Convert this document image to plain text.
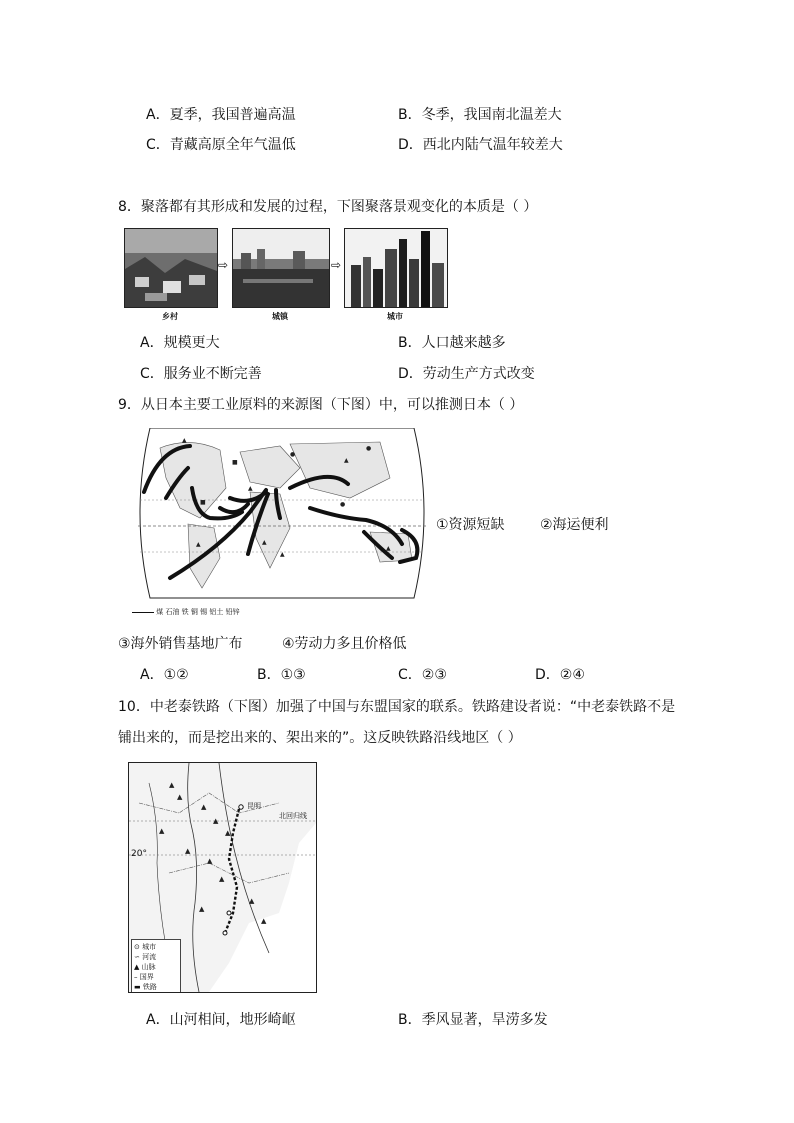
A．夏季，我国普遍高温	B．冬季，我国南北温差大
C．青藏高原全年气温低	D．西北内陆气温年较差大
8．聚落都有其形成和发展的过程，下图聚落景观变化的本质是（ ）
⇨	⇨
乡村	城镇	城市
A．规模更大	B．人口越来越多
C．服务业不断完善	D．劳动生产方式改变
9．从日本主要工业原料的来源图（下图）中，可以推测日本（ ）
▲
■
●
▲
●
▲	▲
▲
▲
●
■
▲
煤 石油 铁 铜 锡 铝土 铅锌
①资源短缺	②海运便利
③海外销售基地广布	④劳动力多且价格低
A．①②	B．①③	C．②③	D．②④
10．中老泰铁路（下图）加强了中国与东盟国家的联系。铁路建设者说：“中老泰铁路不是
铺出来的，而是挖出来的、架出来的”。这反映铁路沿线地区（ ）
▲
▲
▲
▲
▲
▲
▲
▲
▲
▲
▲
▲
昆明
北回归线
20°
⊙ 城市
∽ 河流
▲ 山脉
– 国界
▬ 铁路
A．山河相间，地形崎岖	B．季风显著，旱涝多发
